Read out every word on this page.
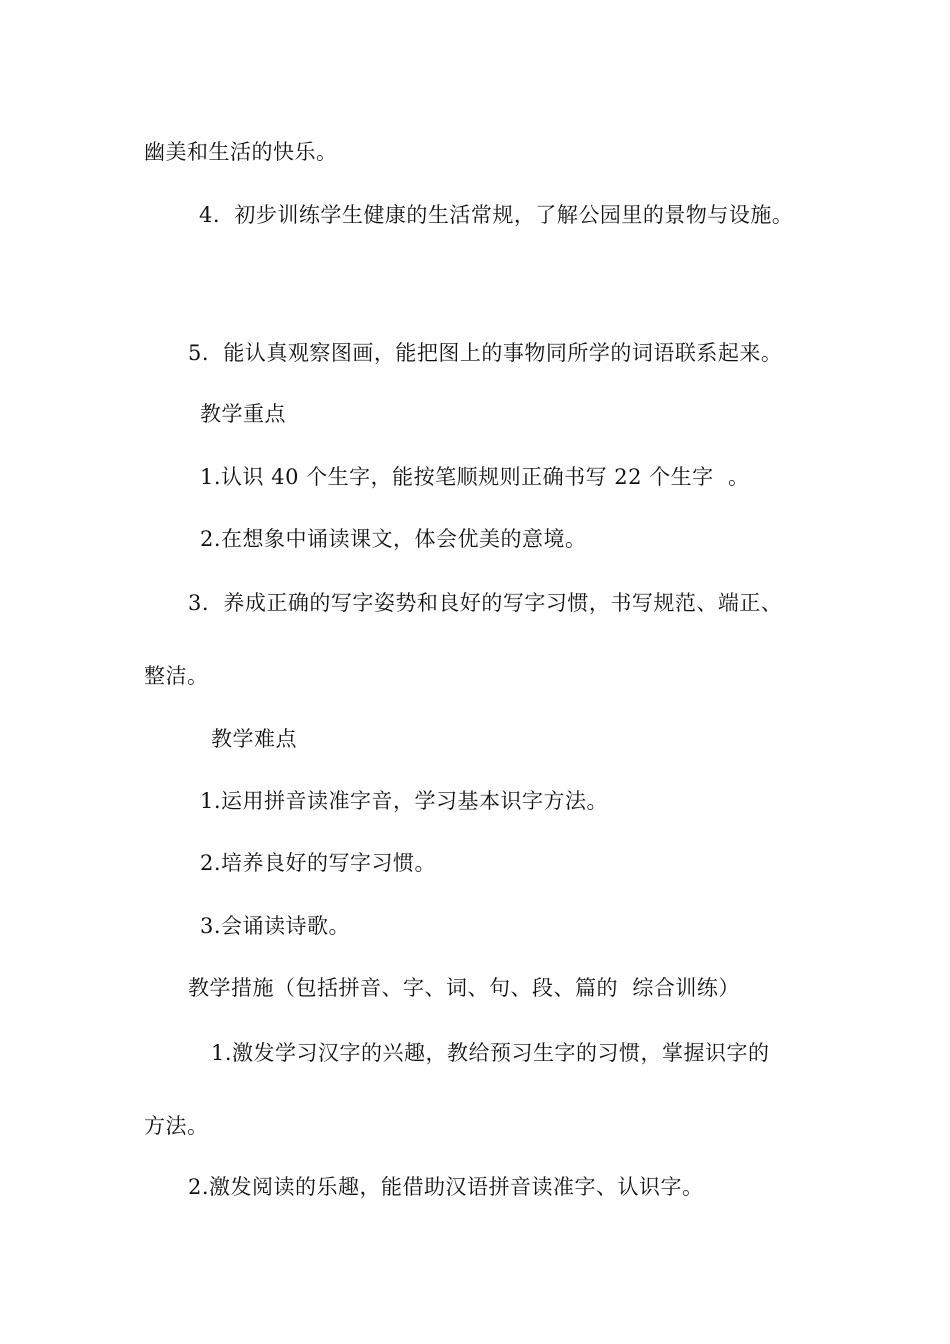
幽美和生活的快乐。
4.  初步训练学生健康的生活常规，了解公园里的景物与设施。
5.  能认真观察图画，能把图上的事物同所学的词语联系起来。
教学重点
1.认识 40 个生字，能按笔顺规则正确书写 22 个生字  。
2.在想象中诵读课文，体会优美的意境。
3.  养成正确的写字姿势和良好的写字习惯，书写规范、端正、
整洁。
教学难点
1.运用拼音读准字音，学习基本识字方法。
2.培养良好的写字习惯。
3.会诵读诗歌。
教学措施（包括拼音、字、词、句、段、篇的  综合训练）
1.激发学习汉字的兴趣，教给预习生字的习惯，掌握识字的
方法。
2.激发阅读的乐趣，能借助汉语拼音读准字、认识字。
